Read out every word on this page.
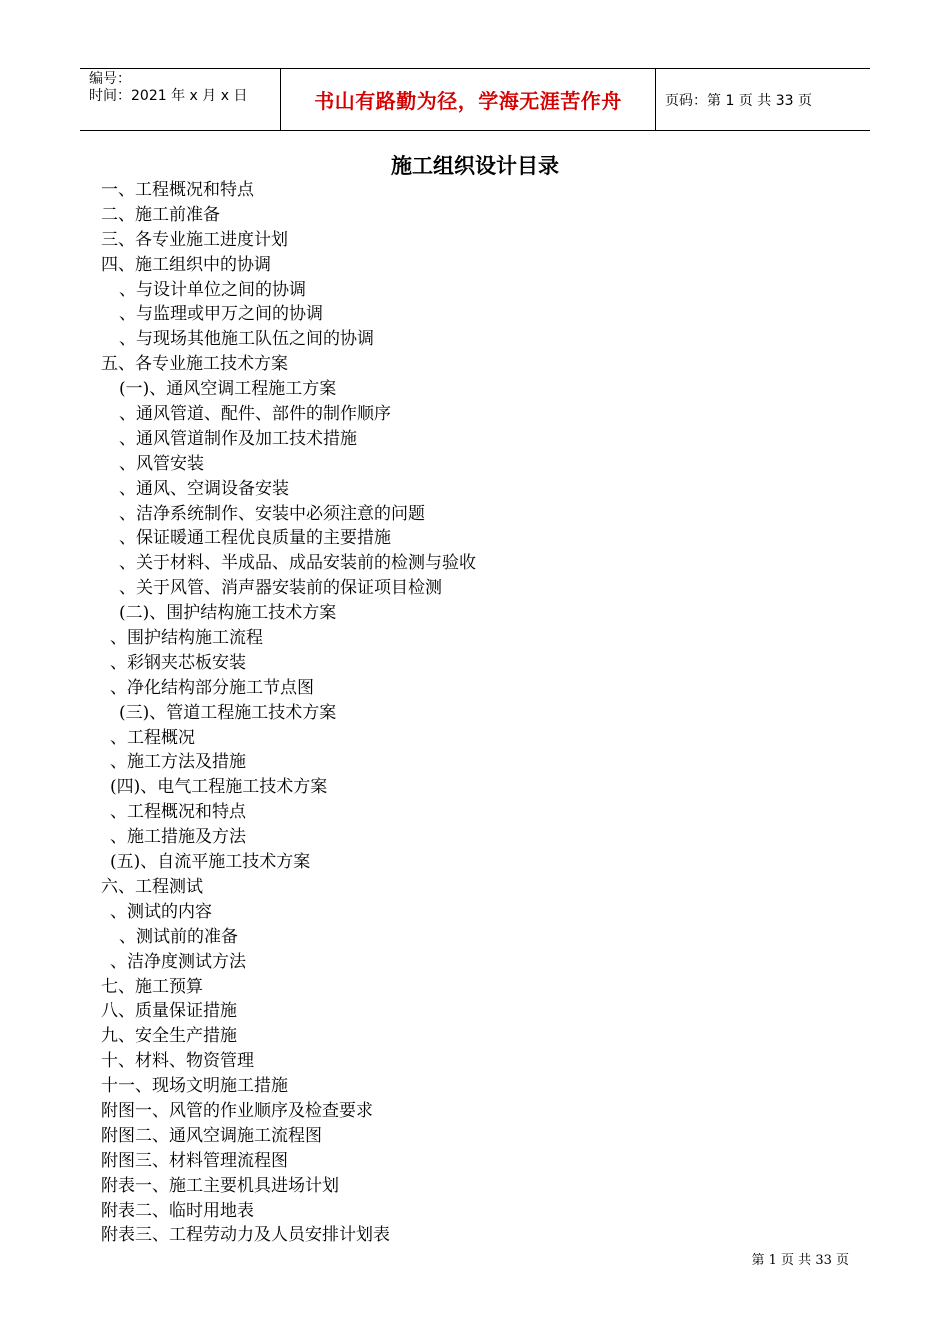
编号：
时间：2021 年 x 月 x 日	书山有路勤为径，学海无涯苦作舟	页码：第 1 页 共 33 页
施工组织设计目录
一、工程概况和特点
二、施工前准备
三、各专业施工进度计划
四、施工组织中的协调
、与设计单位之间的协调
、与监理或甲万之间的协调
、与现场其他施工队伍之间的协调
五、各专业施工技术方案
(一)、通风空调工程施工方案
、通风管道、配件、部件的制作顺序
、通风管道制作及加工技术措施
、风管安装
、通风、空调设备安装
、洁净系统制作、安装中必须注意的问题
、保证暖通工程优良质量的主要措施
、关于材料、半成品、成品安装前的检测与验收
、关于风管、消声器安装前的保证项目检测
(二)、围护结构施工技术方案
、围护结构施工流程
、彩钢夹芯板安装
、净化结构部分施工节点图
(三)、管道工程施工技术方案
、工程概况
、施工方法及措施
(四)、电气工程施工技术方案
、工程概况和特点
、施工措施及方法
(五)、自流平施工技术方案
六、工程测试
、测试的内容
、测试前的准备
、洁净度测试方法
七、施工预算
八、质量保证措施
九、安全生产措施
十、材料、物资管理
十一、现场文明施工措施
附图一、风管的作业顺序及检查要求
附图二、通风空调施工流程图
附图三、材料管理流程图
附表一、施工主要机具进场计划
附表二、临时用地表
附表三、工程劳动力及人员安排计划表
第 1 页 共 33 页
